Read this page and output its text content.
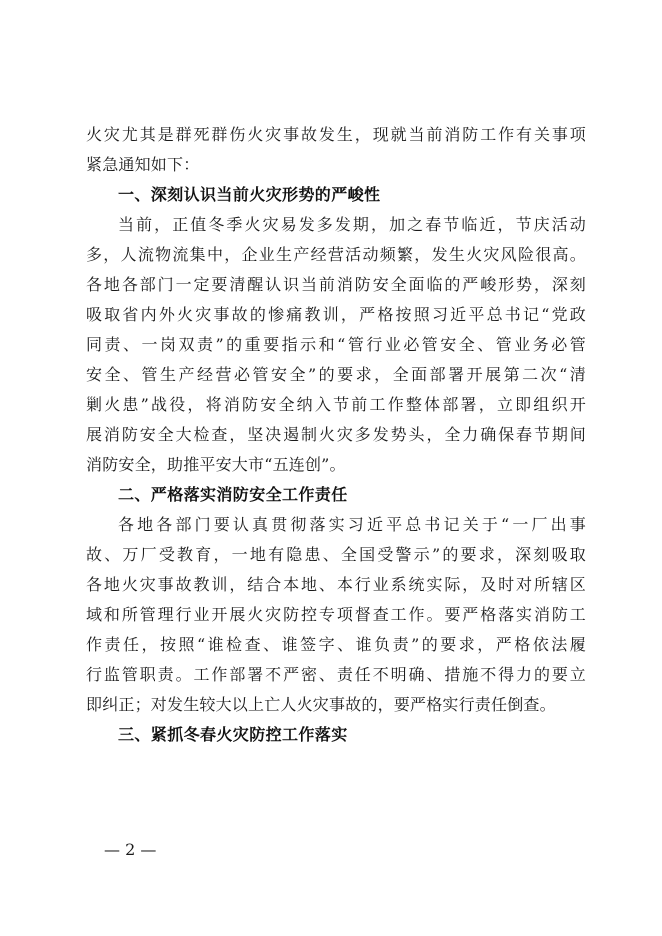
火灾尤其是群死群伤火灾事故发生，现就当前消防工作有关事项
紧急通知如下：
一、深刻认识当前火灾形势的严峻性
当前，正值冬季火灾易发多发期，加之春节临近，节庆活动
多，人流物流集中，企业生产经营活动频繁，发生火灾风险很高。
各地各部门一定要清醒认识当前消防安全面临的严峻形势，深刻
吸取省内外火灾事故的惨痛教训，严格按照习近平总书记“党政
同责、一岗双责”的重要指示和“管行业必管安全、管业务必管
安全、管生产经营必管安全”的要求，全面部署开展第二次“清
剿火患”战役，将消防安全纳入节前工作整体部署，立即组织开
展消防安全大检查，坚决遏制火灾多发势头，全力确保春节期间
消防安全，助推平安大市“五连创”。
二、严格落实消防安全工作责任
各地各部门要认真贯彻落实习近平总书记关于“一厂出事
故、万厂受教育，一地有隐患、全国受警示”的要求，深刻吸取
各地火灾事故教训，结合本地、本行业系统实际，及时对所辖区
域和所管理行业开展火灾防控专项督查工作。要严格落实消防工
作责任，按照“谁检查、谁签字、谁负责”的要求，严格依法履
行监管职责。工作部署不严密、责任不明确、措施不得力的要立
即纠正；对发生较大以上亡人火灾事故的，要严格实行责任倒查。
三、紧抓冬春火灾防控工作落实
— 2 —
